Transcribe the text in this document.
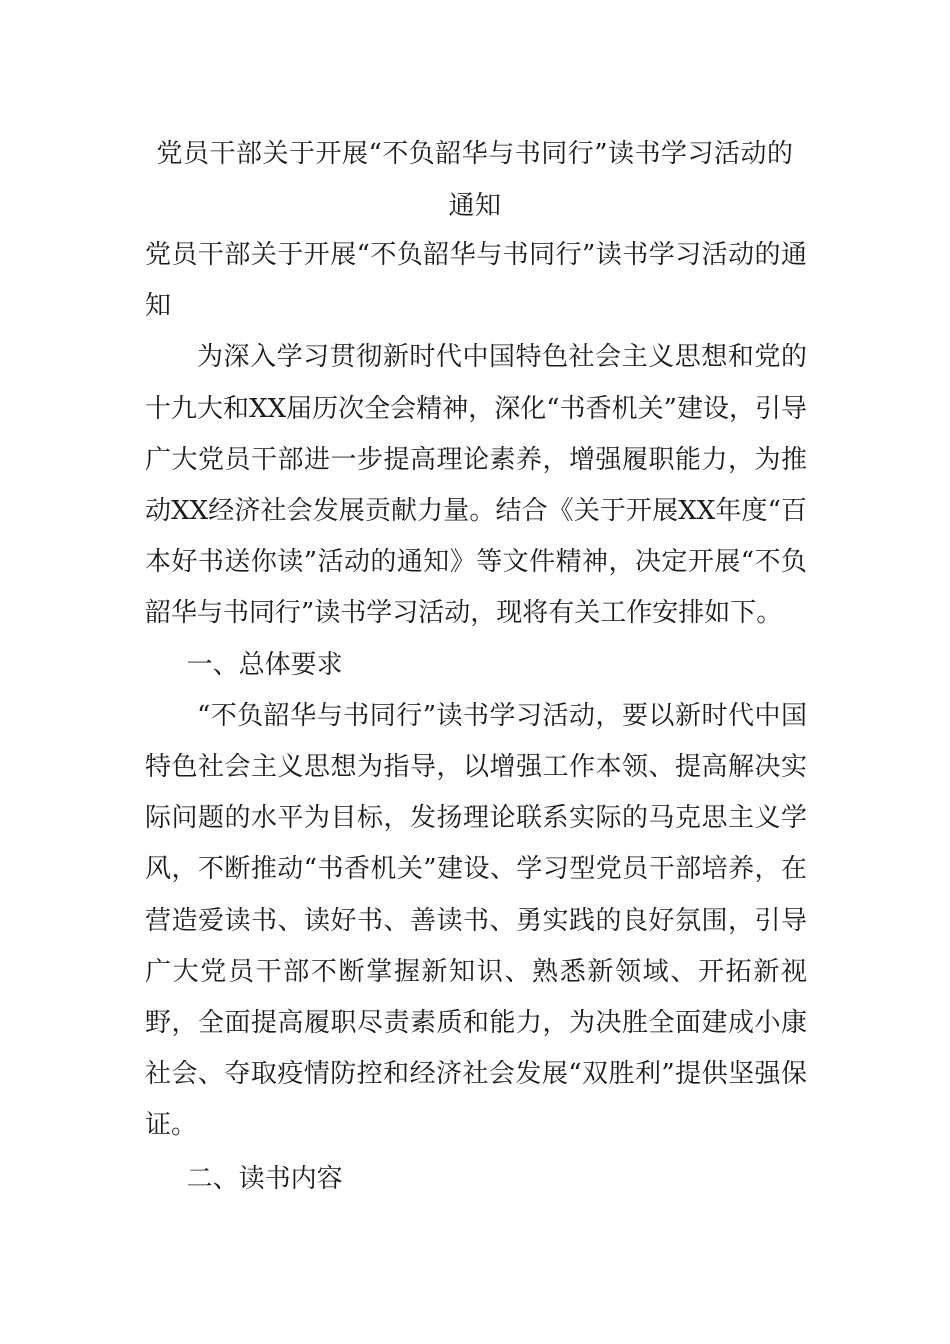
党员干部关于开展“不负韶华与书同行”读书学习活动的通知

党员干部关于开展“不负韶华与书同行”读书学习活动的通知

为深入学习贯彻新时代中国特色社会主义思想和党的十九大和XX届历次全会精神，深化“书香机关”建设，引导广大党员干部进一步提高理论素养，增强履职能力，为推动XX经济社会发展贡献力量。结合《关于开展XX年度“百本好书送你读”活动的通知》等文件精神，决定开展“不负韶华与书同行”读书学习活动，现将有关工作安排如下。

一、总体要求

“不负韶华与书同行”读书学习活动，要以新时代中国特色社会主义思想为指导，以增强工作本领、提高解决实际问题的水平为目标，发扬理论联系实际的马克思主义学风，不断推动“书香机关”建设、学习型党员干部培养，在营造爱读书、读好书、善读书、勇实践的良好氛围，引导广大党员干部不断掌握新知识、熟悉新领域、开拓新视野，全面提高履职尽责素质和能力，为决胜全面建成小康社会、夺取疫情防控和经济社会发展“双胜利”提供坚强保证。

二、读书内容
